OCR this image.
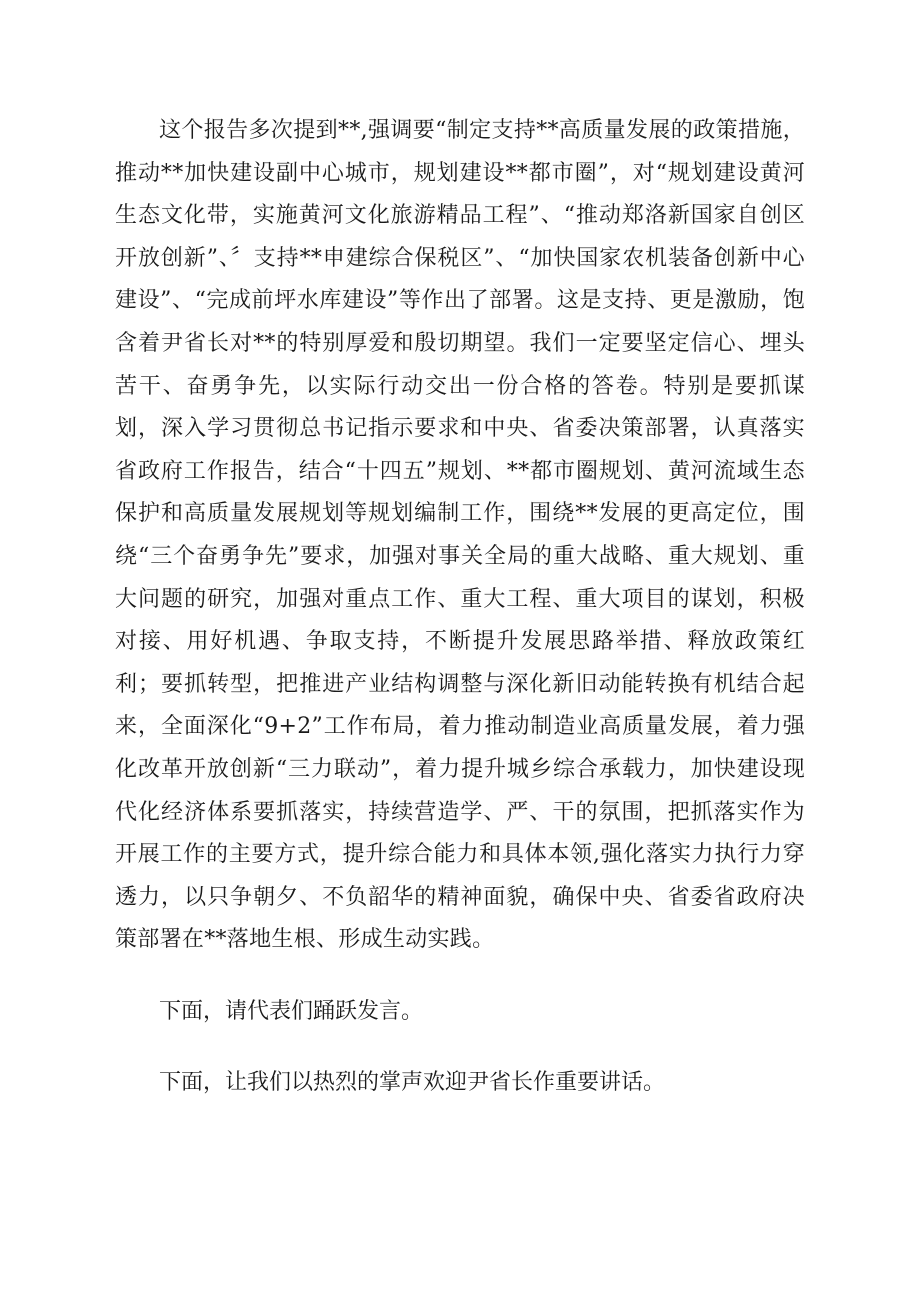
这个报告多次提到**,强调要“制定支持**高质量发展的政策措施，推动**加快建设副中心城市，规划建设**都市圈”，对“规划建设黄河生态文化带，实施黄河文化旅游精品工程”、“推动郑洛新国家自创区开放创新”、〞支持**申建综合保税区”、“加快国家农机装备创新中心建设”、“完成前坪水库建设”等作出了部署。这是支持、更是激励，饱含着尹省长对**的特别厚爱和殷切期望。我们一定要坚定信心、埋头苦干、奋勇争先，以实际行动交出一份合格的答卷。特别是要抓谋划，深入学习贯彻总书记指示要求和中央、省委决策部署，认真落实省政府工作报告，结合“十四五”规划、**都市圈规划、黄河流域生态保护和高质量发展规划等规划编制工作，围绕**发展的更高定位，围绕“三个奋勇争先”要求，加强对事关全局的重大战略、重大规划、重大问题的研究，加强对重点工作、重大工程、重大项目的谋划，积极对接、用好机遇、争取支持，不断提升发展思路举措、释放政策红利；要抓转型，把推进产业结构调整与深化新旧动能转换有机结合起来，全面深化“9+2”工作布局，着力推动制造业高质量发展，着力强化改革开放创新“三力联动”，着力提升城乡综合承载力，加快建设现代化经济体系要抓落实，持续营造学、严、干的氛围，把抓落实作为开展工作的主要方式，提升综合能力和具体本领,强化落实力执行力穿透力，以只争朝夕、不负韶华的精神面貌，确保中央、省委省政府决策部署在**落地生根、形成生动实践。

下面，请代表们踊跃发言。

下面，让我们以热烈的掌声欢迎尹省长作重要讲话。
